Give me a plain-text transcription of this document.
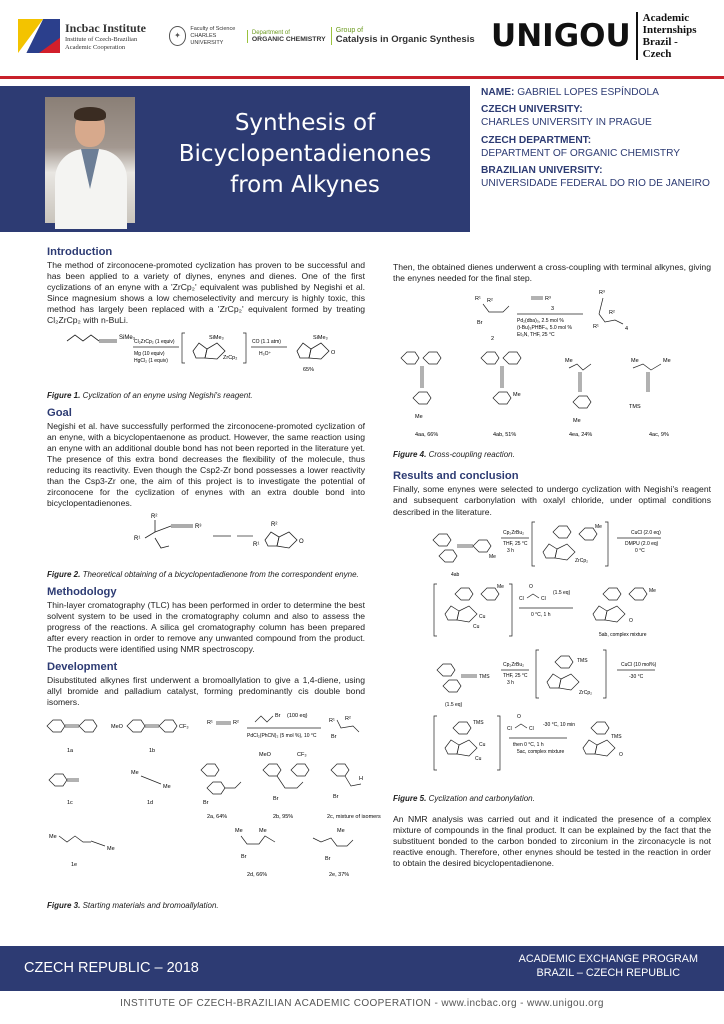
Incbac Institute
Institute of Czech-Brazilian
Academic Cooperation
✦
Faculty of Science
CHARLES UNIVERSITY
Department of
ORGANIC CHEMISTRY
Group of
Catalysis in Organic Synthesis UNIGOU Academic
Internships
Brazil - Czech
Synthesis of
Bicyclopentadienones
from Alkynes
NAME: GABRIEL LOPES ESPÍNDOLA
CZECH UNIVERSITY:
CHARLES UNIVERSITY IN PRAGUE
CZECH DEPARTMENT:
DEPARTMENT OF ORGANIC CHEMISTRY
BRAZILIAN UNIVERSITY:
UNIVERSIDADE FEDERAL DO RIO DE JANEIRO
Introduction

The method of zirconocene-promoted cyclization has proven to be successful and has been applied to a variety of diynes, enynes and dienes. One of the first cyclizations of an enyne with a 'ZrCp₂' equivalent was published by Negishi et al. Since magnesium shows a low chemoselectivity and mercury is highly toxic, this method has largely been replaced with a 'ZrCp₂' equivalent formed by treating Cl₂ZrCp₂ with n-BuLi.

SiMe₃
Cl₂ZrCp₂ (1 equiv)
Mg (10 equiv)
HgCl₂ (1 equiv)
SiMe₃
ZrCp₂
CO (1.1 atm)
H₃O⁺
SiMe₃
O
65%

Figure 1. Cyclization of an enyne using Negishi's reagent.

Goal

Negishi et al. have successfully performed the zirconocene-promoted cyclization of an enyne, with a bicyclopentaenone as product. However, the same reaction using an enyne with an additional double bond has not been reported in the literature yet. The presence of this extra bond decreases the flexibility of the molecule, thus reducing its reactivity. Even though the Csp2-Zr bond possesses a lower reactivity than the Csp3-Zr one, the aim of this project is to investigate the potential of zirconocene for the cyclization of enynes with an extra double bond into bicyclopentadienones.

R¹
R²
R³
R¹
R²
O

Figure 2. Theoretical obtaining of a bicyclopentadienone from the correspondent enyne.

Methodology

Thin-layer cromatography (TLC) has been performed in order to determine the best solvent system to be used in the cromatography column and also to assess the progress of the reactions. A silica gel cromatography column has been prepared after every reaction in order to remove any unwanted compound from the product. The products were identified using NMR spectroscopy.

Development

Disubstituted alkynes first underwent a bromoallylation to give a 1,4-diene, using allyl bromide and palladium catalyst, forming predominantly cis double bond isomers.

1a
MeO	CF₃
1b
R¹	R²
Br (100 eq)
PdCl₂(PhCN)₂ (5 mol %), 10 °C
R¹
Br
R²
1c
Me
Me
1d	Br
2a, 64%
MeO	CF₃
Br
2b, 95%
H
Br
2c, mixture of isomers
Me
Me
1e
Me	Me
Br
2d, 66%
Me
Br
2e, 37%

Figure 3. Starting materials and bromoallylation.

Then, the obtained dienes underwent a cross-coupling with terminal alkynes, giving the enynes needed for the final step.

R¹
Br
R²
2
R³
3
Pd₂(dba)₃, 2.5 mol %
(t-Bu)₃PHBF₄, 5.0 mol %
Et₃N, THF, 25 °C
R³
R¹
R²
4
Me
4aa, 66%
Me
4ab, 51%
Me
Me
4ea, 24%
Me	Me
TMS
4ac, 9%

Figure 4. Cross-coupling reaction.

Results and conclusion

Finally, some enynes were selected to undergo cyclization with Negishi's reagent and subsequent carbonylation with oxalyl chloride, under optimal conditions described in the literature.

Me
4ab
Cp₂ZrBu₂
THF, 25 °C
3 h
Me
ZrCp₂
CuCl (2.0 eq)
DMPU (2.0 eq)
0 °C
Me
Cu
Cu
Cl	Cl
O
(1.5 eq)
0 °C, 1 h
Me
O
5ab, complex mixture
TMS
(1.5 eq)
Cp₂ZrBu₂
THF, 25 °C
3 h
TMS
ZrCp₂
CuCl (10 mol%)
-30 °C
TMS
Cu
Cu
Cl	Cl
O
-30 °C, 10 min
then 0 °C, 1 h
5ac, complex mixture
TMS
O

Figure 5. Cyclization and carbonylation.

An NMR analysis was carried out and it indicated the presence of a complex mixture of compounds in the final product. It can be explained by the fact that the substituent bonded to the carbon bonded to zirconium in the zirconacycle is not reactive enough. Therefore, other enynes should be tested in the reaction in order to obtain the desired bicyclopentadienone.

CZECH REPUBLIC – 2018
ACADEMIC EXCHANGE PROGRAM
BRAZIL – CZECH REPUBLIC
INSTITUTE OF CZECH-BRAZILIAN ACADEMIC COOPERATION - www.incbac.org - www.unigou.org
